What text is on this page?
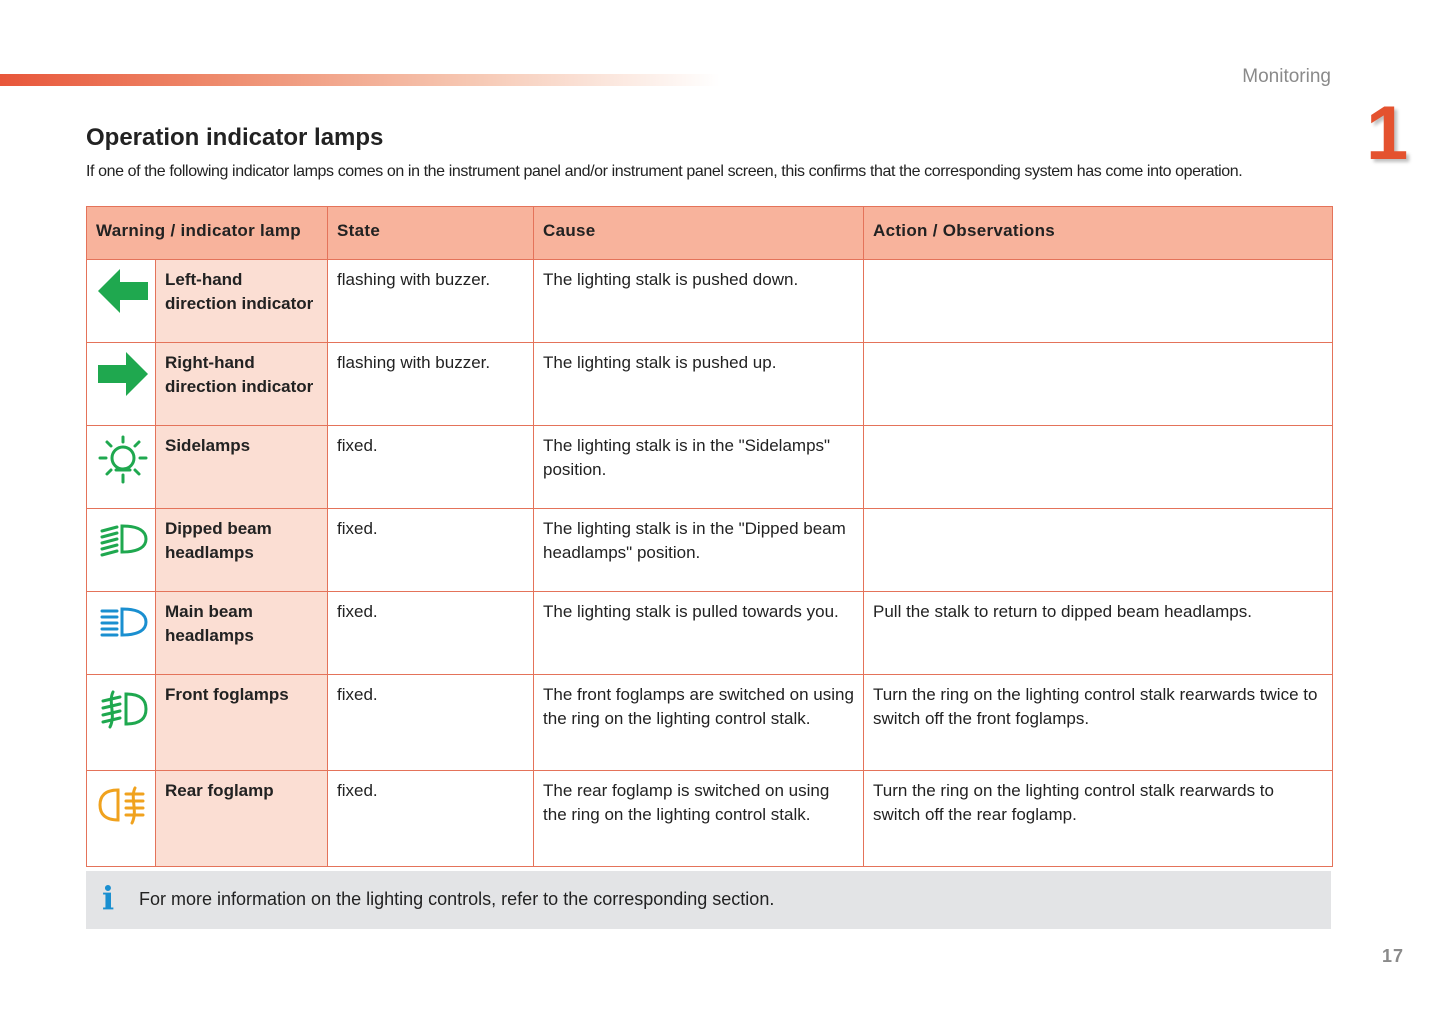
Monitoring
1
Operation indicator lamps
If one of the following indicator lamps comes on in the instrument panel and/or instrument panel screen, this confirms that the corresponding system has come into operation.
Warning / indicator lamp		State	Cause	Action / Observations

	Left-hand direction indicator	flashing with buzzer.	The lighting stalk is pushed down.	

	Right-hand direction indicator	flashing with buzzer.	The lighting stalk is pushed up.	

	Sidelamps	fixed.	The lighting stalk is in the "Sidelamps" position.	

	Dipped beam headlamps	fixed.	The lighting stalk is in the "Dipped beam headlamps" position.	

	Main beam headlamps	fixed.	The lighting stalk is pulled towards you.	Pull the stalk to return to dipped beam headlamps.

	Front foglamps	fixed.	The front foglamps are switched on using the ring on the lighting control stalk.	Turn the ring on the lighting control stalk rearwards twice to switch off the front foglamps.

	Rear foglamp	fixed.	The rear foglamp is switched on using the ring on the lighting control stalk.	Turn the ring on the lighting control stalk rearwards to switch off the rear foglamp.
i For more information on the lighting controls, refer to the corresponding section.
17
